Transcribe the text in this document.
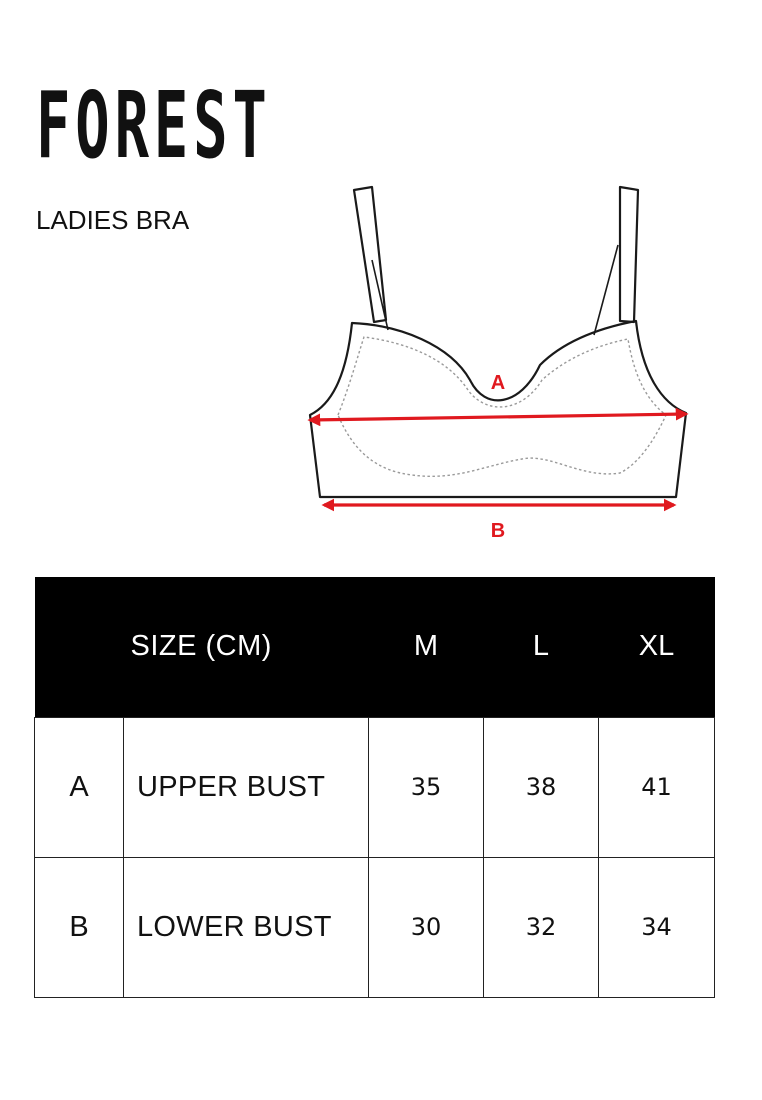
FOREST
LADIES BRA
A
B
	SIZE (CM)	M	L	XL
A	UPPER BUST	35	38	41
B	LOWER BUST	30	32	34
